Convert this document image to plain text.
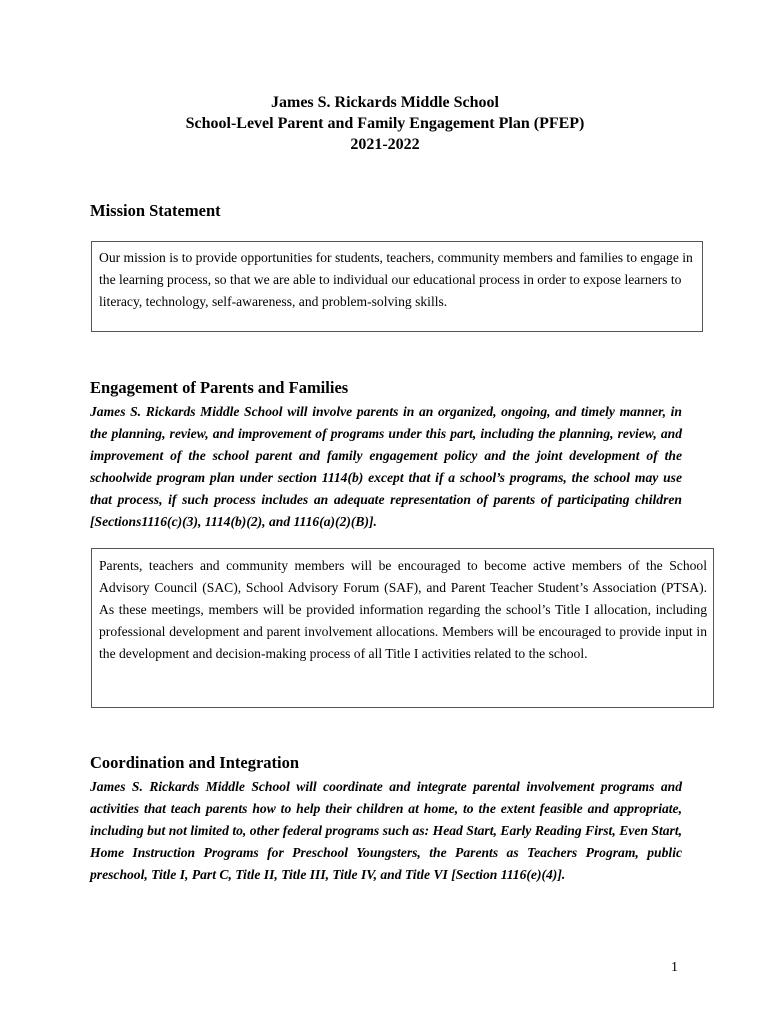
James S. Rickards Middle School
School-Level Parent and Family Engagement Plan (PFEP)
2021-2022
Mission Statement

Our mission is to provide opportunities for students, teachers, community members and families to engage in the learning process, so that we are able to individual our educational process in order to expose learners to literacy, technology, self-awareness, and problem-solving skills.

Engagement of Parents and Families
James S. Rickards Middle School will involve parents in an organized, ongoing, and timely manner, in the planning, review, and improvement of programs under this part, including the planning, review, and improvement of the school parent and family engagement policy and the joint development of the schoolwide program plan under section 1114(b) except that if a school’s programs, the school may use that process, if such process includes an adequate representation of parents of participating children [Sections1116(c)(3), 1114(b)(2), and 1116(a)(2)(B)].

Parents, teachers and community members will be encouraged to become active members of the School Advisory Council (SAC), School Advisory Forum (SAF), and Parent Teacher Student’s Association (PTSA). As these meetings, members will be provided information regarding the school’s Title I allocation, including professional development and parent involvement allocations. Members will be encouraged to provide input in the development and decision-making process of all Title I activities related to the school.

Coordination and Integration
James S. Rickards Middle School will coordinate and integrate parental involvement programs and activities that teach parents how to help their children at home, to the extent feasible and appropriate, including but not limited to, other federal programs such as: Head Start, Early Reading First, Even Start, Home Instruction Programs for Preschool Youngsters, the Parents as Teachers Program, public preschool, Title I, Part C, Title II, Title III, Title IV, and Title VI [Section 1116(e)(4)].
1
